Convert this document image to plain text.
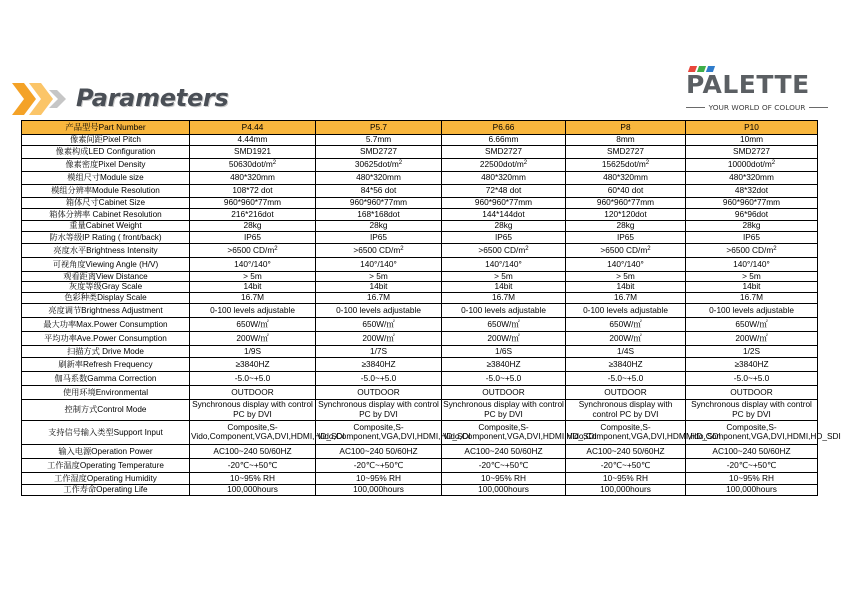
Parameters	PALETTE
YOUR WORLD OF COLOUR
产品型号Part Number	P4.44	P5.7	P6.66	P8	P10
像素间距Pixel Pitch	4.44mm	5.7mm	6.66mm	8mm	10mm
像素构成LED Configuration	SMD1921	SMD2727	SMD2727	SMD2727	SMD2727
像素密度Pixel Density	$50630dot/m^2$	$30625dot/m^2$	$22500dot/m^2$	$15625dot/m^2$	$10000dot/m^2$
模组尺寸Module size	480*320mm	480*320mm	480*320mm	480*320mm	480*320mm
模组分辨率Module Resolution	108*72 dot	84*56 dot	72*48 dot	60*40 dot	48*32dot
箱体尺寸Cabinet Size	960*960*77mm	960*960*77mm	960*960*77mm	960*960*77mm	960*960*77mm
箱体分辨率 Cabinet Resolution	216*216dot	168*168dot	144*144dot	120*120dot	96*96dot
重量Cabinet Weight	28kg	28kg	28kg	28kg	28kg
防水等级IP Rating ( front/back)	IP65	IP65	IP65	IP65	IP65
亮度水平Brightness Intensity	>6500 $CD/m^2$	>6500 $CD/m^2$	>6500 $CD/m^2$	>6500 $CD/m^2$	>6500 $CD/m^2$
可视角度Viewing Angle (H/V)	140°/140°	140°/140°	140°/140°	140°/140°	140°/140°
观看距离View Distance	> 5m	> 5m	> 5m	> 5m	> 5m
灰度等级Gray Scale	14bit	14bit	14bit	14bit	14bit
色彩种类Display Scale	16.7M	16.7M	16.7M	16.7M	16.7M
亮度调节Brightness Adjustment	0-100 levels adjustable	0-100 levels adjustable	0-100 levels adjustable	0-100 levels adjustable	0-100 levels adjustable
最大功率Max.Power Consumption	650W/㎡	650W/㎡	650W/㎡	650W/㎡	650W/㎡
平均功率Ave.Power Consumption	200W/㎡	200W/㎡	200W/㎡	200W/㎡	200W/㎡
扫描方式 Drive Mode	1/9S	1/7S	1/6S	1/4S	1/2S
刷新率Refresh Frequency	≥3840HZ	≥3840HZ	≥3840HZ	≥3840HZ	≥3840HZ
伽马系数Gamma Correction	-5.0~+5.0	-5.0~+5.0	-5.0~+5.0	-5.0~+5.0	-5.0~+5.0
使用环境Environmental	OUTDOOR	OUTDOOR	OUTDOOR	OUTDOOR	OUTDOOR
控制方式Control Mode	Synchronous display with control PC by DVI	Synchronous display with control PC by DVI	Synchronous display with control PC by DVI	Synchronous display with control PC by DVI	Synchronous display with control PC by DVI
支持信号输入类型Support Input	Composite,S-Vido,Component,VGA,DVI,HDMI,HD_SDI	Composite,S-Vido,Component,VGA,DVI,HDMI,HD_SDI	Composite,S-Vido,Component,VGA,DVI,HDMI,HD_SDI	Composite,S-Vido,Component,VGA,DVI,HDMI,HD_SDI	Composite,S-Vido,Component,VGA,DVI,HDMI,HD_SDI
输入电源Operation Power	AC100~240 50/60HZ	AC100~240 50/60HZ	AC100~240 50/60HZ	AC100~240 50/60HZ	AC100~240 50/60HZ
工作温度Operating Temperature	-20℃~+50℃	-20℃~+50℃	-20℃~+50℃	-20℃~+50℃	-20℃~+50℃
工作湿度Operating Humidity	10~95% RH	10~95% RH	10~95% RH	10~95% RH	10~95% RH
工作寿命Operating Life	100,000hours	100,000hours	100,000hours	100,000hours	100,000hours
